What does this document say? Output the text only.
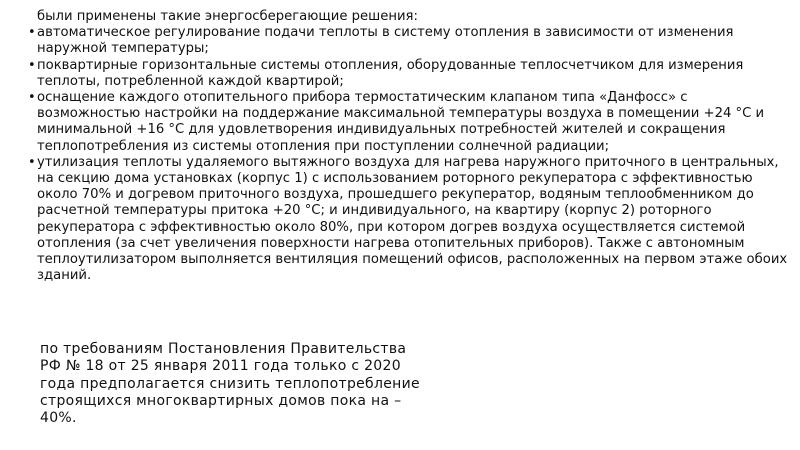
были применены такие энергосберегающие решения:

• автоматическое регулирование подачи теплоты в систему отопления в зависимости от изменения наружной температуры;
• поквартирные горизонтальные системы отопления, оборудованные теплосчетчиком для измерения теплоты, потребленной каждой квартирой;
• оснащение каждого отопительного прибора термостатическим клапаном типа «Данфосс» с возможностью настройки на поддержание максимальной температуры воздуха в помещении +24 °С и минимальной +16 °С для удовлетворения индивидуальных потребностей жителей и сокращения теплопотребления из системы отопления при поступлении солнечной радиации;
• утилизация теплоты удаляемого вытяжного воздуха для нагрева наружного приточного в центральных, на секцию дома установках (корпус 1) с использованием роторного рекуператора с эффективностью около 70% и догревом приточного воздуха, прошедшего рекуператор, водяным теплообменником до расчетной температуры притока +20 °С; и индивидуального, на квартиру (корпус 2) роторного рекуператора с эффективностью около 80%, при котором догрев воздуха осуществляется системой отопления (за счет увеличения поверхности нагрева отопительных приборов). Также с автономным теплоутилизатором выполняется вентиляция помещений офисов, расположенных на первом этаже обоих зданий.

по требованиям Постановления Правительства РФ № 18 от 25 января 2011 года только с 2020 года предполагается снизить теплопотребление строящихся многоквартирных домов пока на –40%.
